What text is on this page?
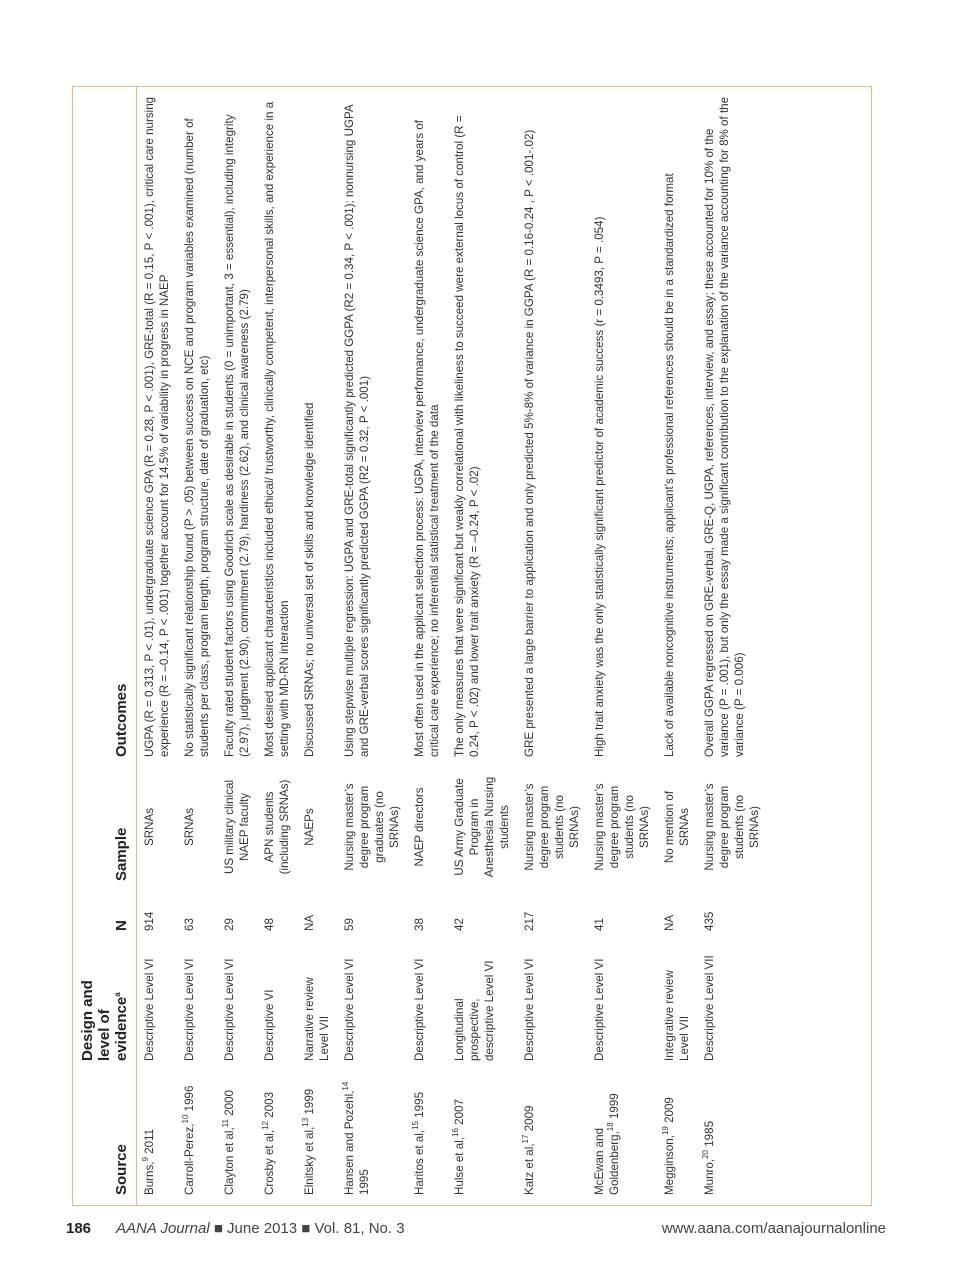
Source	Design and level of evidence$^a$	N	Sample	Outcomes
Burns,$^9$ 2011	Descriptive Level VI	914	SRNAs	UGPA (R = 0.313, P < .01), undergraduate science GPA (R = 0.28, P < .001), GRE-total (R = 0.15, P < .001), critical care nursing experience (R = –0.14, P < .001) together account for 14.5% of variability in progress in NAEP
Carroll-Perez,$^{10}$ 1996	Descriptive Level VI	63	SRNAs	No statistically significant relationship found (P > .05) between success on NCE and program variables examined (number of students per class, program length, program structure, date of graduation, etc)
Clayton et al,$^{11}$ 2000	Descriptive Level VI	29	US military clinical NAEP faculty	Faculty rated student factors using Goodrich scale as desirable in students (0 = unimportant, 3 = essential), including integrity (2.97), judgment (2.90), commitment (2.79), hardiness (2.62), and clinical awareness (2.79)
Crosby et al,$^{12}$ 2003	Descriptive VI	48	APN students (including SRNAs)	Most desired applicant characteristics included ethical/ trustworthy, clinically competent, interpersonal skills, and experience in a setting with MD-RN interaction
Elnitsky et al,$^{13}$ 1999	Narrative review Level VII	NA	NAEPs	Discussed SRNAs; no universal set of skills and knowledge identified
Hansen and Pozehl,$^{14}$ 1995	Descriptive Level VI	59	Nursing master’s degree program graduates (no SRNAs)	Using stepwise multiple regression: UGPA and GRE-total significantly predicted GGPA (R2 = 0.34, P < .001); nonnursing UGPA and GRE-verbal scores significantly predicted GGPA (R2 = 0.32, P < .001)
Haritos et al,$^{15}$ 1995	Descriptive Level VI	38	NAEP directors	Most often used in the applicant selection process: UGPA, interview performance, undergraduate science GPA, and years of critical care experience; no inferential statistical treatment of the data
Hulse et al,$^{16}$ 2007	Longitudinal prospective, descriptive Level VI	42	US Army Graduate Program in Anesthesia Nursing students	The only measures that were significant but weakly correlational with likeliness to succeed were external locus of control (R = 0.24, P < .02) and lower trait anxiety (R = –0.24, P < .02)
Katz et al,$^{17}$ 2009	Descriptive Level VI	217	Nursing master’s degree program students (no SRNAs)	GRE presented a large barrier to application and only predicted 5%-8% of variance in GGPA (R = 0.16-0.24 , P < .001-.02)
McEwan and Goldenberg,$^{18}$ 1999	Descriptive Level VI	41	Nursing master’s degree program students (no SRNAs)	High trait anxiety was the only statistically significant predictor of academic success (r = 0.3493, P = .054)
Megginson,$^{19}$ 2009	Integrative review Level VII	NA	No mention of SRNAs	Lack of available noncognitive instruments; applicant’s professional references should be in a standardized format
Munro,$^{20}$ 1985	Descriptive Level VII	435	Nursing master’s degree program students (no SRNAs)	Overall GGPA regressed on GRE-verbal, GRE-Q, UGPA, references, interview, and essay; these accounted for 10% of the variance (P = .001), but only the essay made a significant contribution to the explanation of the variance accounting for 8% of the variance (P = 0.006)
186 AANA Journal ■ June 2013 ■ Vol. 81, No. 3	www.aana.com/aanajournalonline
